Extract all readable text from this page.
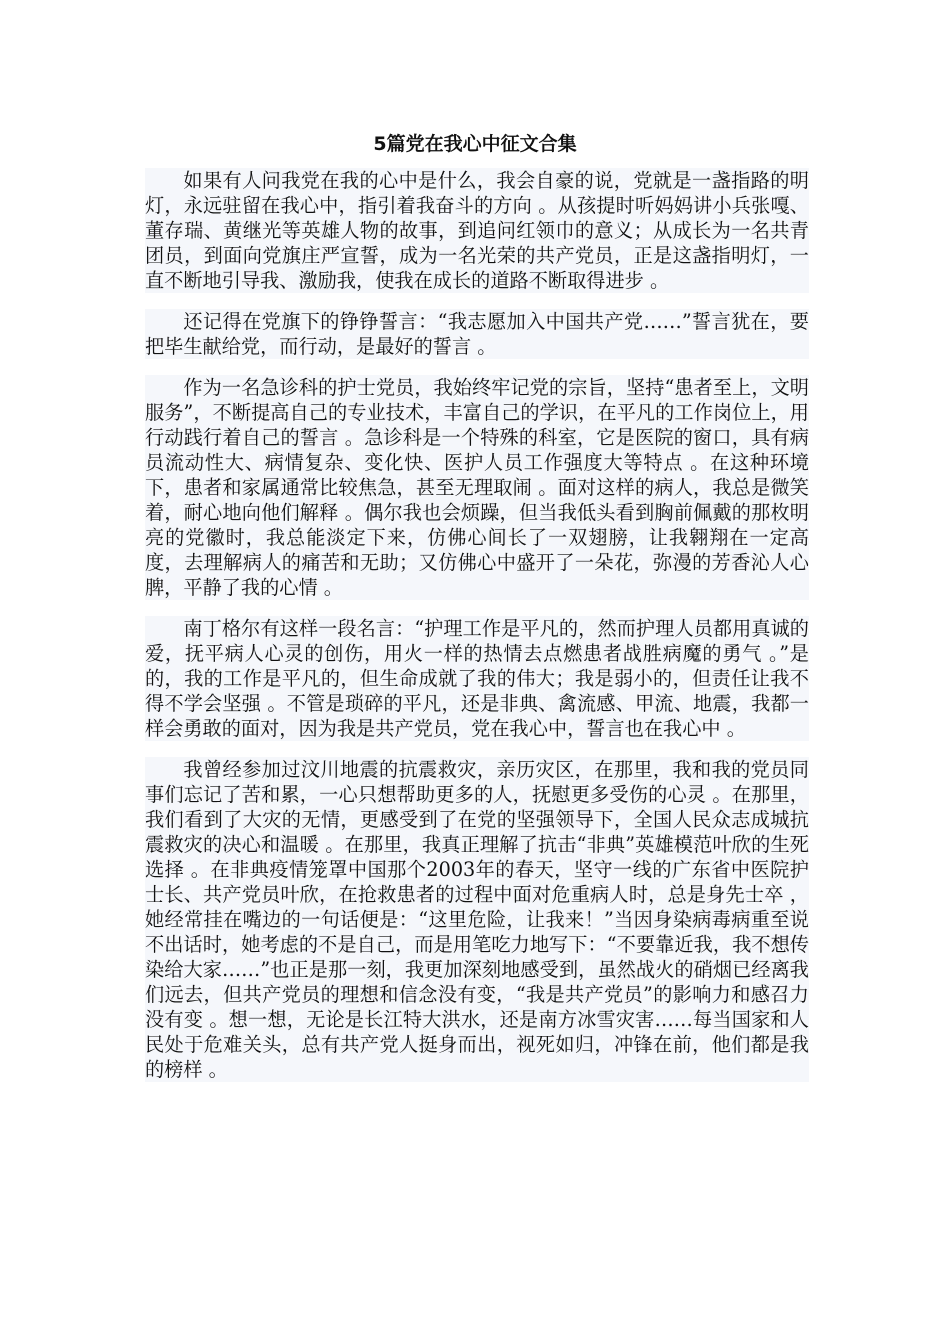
5篇党在我心中征文合集

如果有人问我党在我的心中是什么，我会自豪的说，党就是一盏指路的明灯，永远驻留在我心中，指引着我奋斗的方向 。从孩提时听妈妈讲小兵张嘎、董存瑞、黄继光等英雄人物的故事，到追问红领巾的意义；从成长为一名共青团员，到面向党旗庄严宣誓，成为一名光荣的共产党员，正是这盏指明灯，一直不断地引导我、激励我，使我在成长的道路不断取得进步 。

还记得在党旗下的铮铮誓言：“我志愿加入中国共产党……”誓言犹在，要把毕生献给党，而行动，是最好的誓言 。

作为一名急诊科的护士党员，我始终牢记党的宗旨，坚持“患者至上，文明服务”，不断提高自己的专业技术，丰富自己的学识，在平凡的工作岗位上，用行动践行着自己的誓言 。急诊科是一个特殊的科室，它是医院的窗口，具有病员流动性大、病情复杂、变化快、医护人员工作强度大等特点 。在这种环境下，患者和家属通常比较焦急，甚至无理取闹 。面对这样的病人，我总是微笑着，耐心地向他们解释 。偶尔我也会烦躁，但当我低头看到胸前佩戴的那枚明亮的党徽时，我总能淡定下来，仿佛心间长了一双翅膀，让我翱翔在一定高度，去理解病人的痛苦和无助；又仿佛心中盛开了一朵花，弥漫的芳香沁人心脾，平静了我的心情 。

南丁格尔有这样一段名言：“护理工作是平凡的，然而护理人员都用真诚的爱，抚平病人心灵的创伤，用火一样的热情去点燃患者战胜病魔的勇气 。”是的，我的工作是平凡的，但生命成就了我的伟大；我是弱小的，但责任让我不得不学会坚强 。不管是琐碎的平凡，还是非典、禽流感、甲流、地震，我都一样会勇敢的面对，因为我是共产党员，党在我心中，誓言也在我心中 。

我曾经参加过汶川地震的抗震救灾，亲历灾区，在那里，我和我的党员同事们忘记了苦和累，一心只想帮助更多的人，抚慰更多受伤的心灵 。在那里，我们看到了大灾的无情，更感受到了在党的坚强领导下，全国人民众志成城抗震救灾的决心和温暖 。在那里，我真正理解了抗击“非典”英雄模范叶欣的生死选择 。在非典疫情笼罩中国那个2003年的春天，坚守一线的广东省中医院护士长、共产党员叶欣，在抢救患者的过程中面对危重病人时，总是身先士卒 ，她经常挂在嘴边的一句话便是：“这里危险，让我来！”当因身染病毒病重至说不出话时，她考虑的不是自己，而是用笔吃力地写下：“不要靠近我，我不想传染给大家……”也正是那一刻，我更加深刻地感受到，虽然战火的硝烟已经离我们远去，但共产党员的理想和信念没有变，“我是共产党员”的影响力和感召力没有变 。想一想，无论是长江特大洪水，还是南方冰雪灾害……每当国家和人民处于危难关头，总有共产党人挺身而出，视死如归，冲锋在前，他们都是我的榜样 。
